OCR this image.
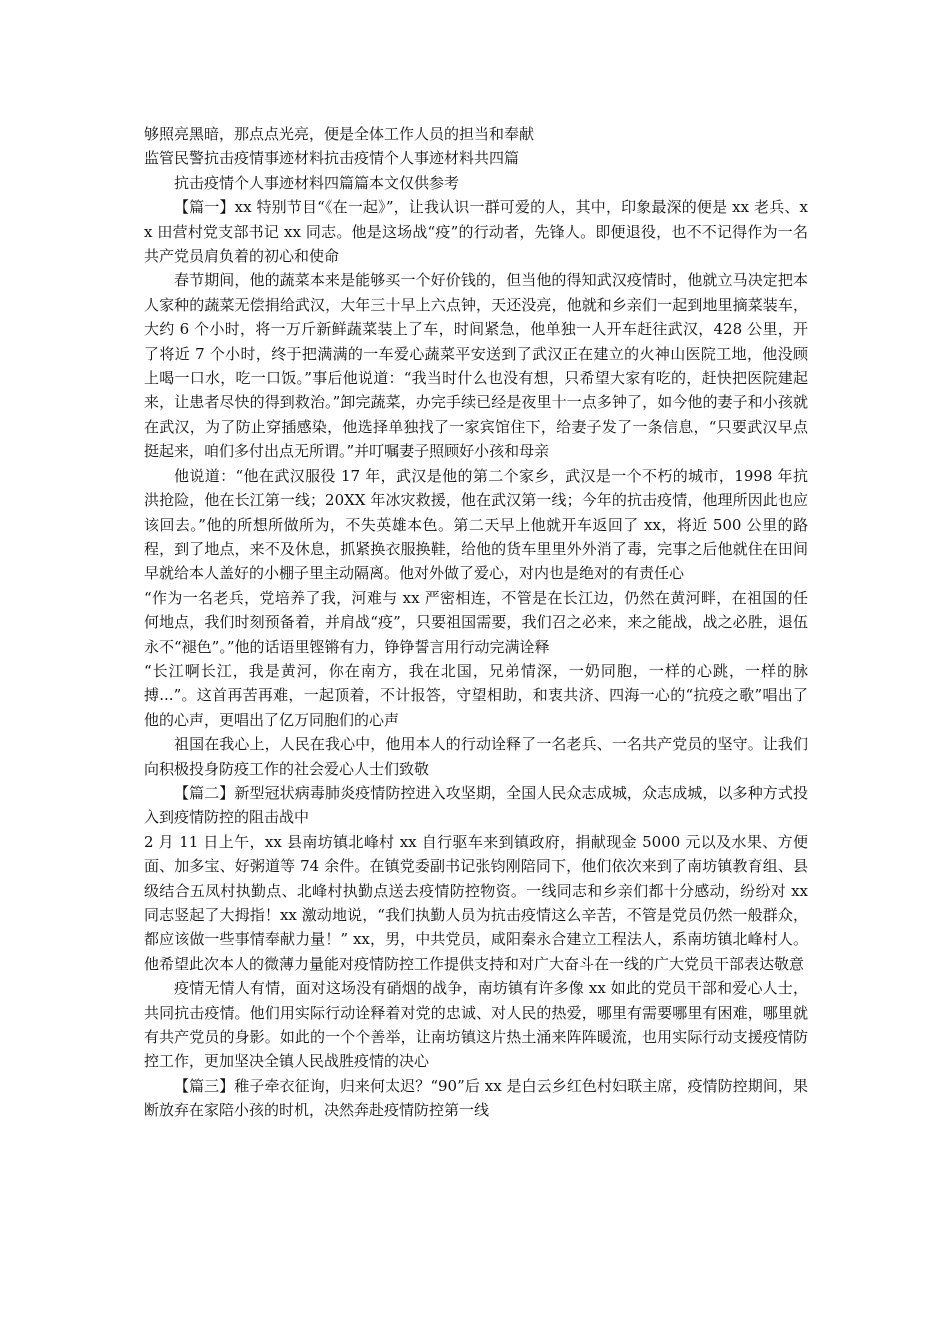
够照亮黑暗，那点点光亮，便是全体工作人员的担当和奉献

监管民警抗击疫情事迹材料抗击疫情个人事迹材料共四篇

抗击疫情个人事迹材料四篇篇本文仅供参考

【篇一】xx 特别节目“《在一起》”，让我认识一群可爱的人，其中，印象最深的便是 xx 老兵、xx 田营村党支部书记 xx 同志。他是这场战“疫”的行动者，先锋人。即便退役，也不不记得作为一名共产党员肩负着的初心和使命

春节期间，他的蔬菜本来是能够买一个好价钱的，但当他的得知武汉疫情时，他就立马决定把本人家种的蔬菜无偿捐给武汉，大年三十早上六点钟，天还没亮，他就和乡亲们一起到地里摘菜装车，大约 6 个小时，将一万斤新鲜蔬菜装上了车，时间紧急，他单独一人开车赶往武汉，428 公里，开了将近 7 个小时，终于把满满的一车爱心蔬菜平安送到了武汉正在建立的火神山医院工地，他没顾上喝一口水，吃一口饭。”事后他说道：“我当时什么也没有想，只希望大家有吃的，赶快把医院建起来，让患者尽快的得到救治。”卸完蔬菜，办完手续已经是夜里十一点多钟了，如今他的妻子和小孩就在武汉，为了防止穿插感染，他选择单独找了一家宾馆住下，给妻子发了一条信息，“只要武汉早点挺起来，咱们多付出点无所谓。”并叮嘱妻子照顾好小孩和母亲

他说道：“他在武汉服役 17 年，武汉是他的第二个家乡，武汉是一个不朽的城市，1998 年抗洪抢险，他在长江第一线；20XX 年冰灾救援，他在武汉第一线；今年的抗击疫情，他理所因此也应该回去。”他的所想所做所为，不失英雄本色。第二天早上他就开车返回了 xx，将近 500 公里的路程，到了地点，来不及休息，抓紧换衣服换鞋，给他的货车里里外外消了毒，完事之后他就住在田间早就给本人盖好的小棚子里主动隔离。他对外做了爱心，对内也是绝对的有责任心

“作为一名老兵，党培养了我，河难与 xx 严密相连，不管是在长江边，仍然在黄河畔，在祖国的任何地点，我们时刻预备着，并肩战“疫”，只要祖国需要，我们召之必来，来之能战，战之必胜，退伍永不“褪色”。”他的话语里铿锵有力，铮铮誓言用行动完满诠释

“长江啊长江，我是黄河，你在南方，我在北国，兄弟情深，一奶同胞，一样的心跳，一样的脉搏...”。这首再苦再难，一起顶着，不计报答，守望相助，和衷共济、四海一心的“抗疫之歌”唱出了他的心声，更唱出了亿万同胞们的心声

祖国在我心上，人民在我心中，他用本人的行动诠释了一名老兵、一名共产党员的坚守。让我们向积极投身防疫工作的社会爱心人士们致敬

【篇二】新型冠状病毒肺炎疫情防控进入攻坚期，全国人民众志成城，众志成城，以多种方式投入到疫情防控的阻击战中

2 月 11 日上午，xx 县南坊镇北峰村 xx 自行驱车来到镇政府，捐献现金 5000 元以及水果、方便面、加多宝、好粥道等 74 余件。在镇党委副书记张钧刚陪同下，他们依次来到了南坊镇教育组、县级结合五凤村执勤点、北峰村执勤点送去疫情防控物资。一线同志和乡亲们都十分感动，纷纷对 xx 同志竖起了大拇指！xx 激动地说，“我们执勤人员为抗击疫情这么辛苦，不管是党员仍然一般群众，都应该做一些事情奉献力量！” xx，男，中共党员，咸阳秦永合建立工程法人，系南坊镇北峰村人。他希望此次本人的微薄力量能对疫情防控工作提供支持和对广大奋斗在一线的广大党员干部表达敬意

疫情无情人有情，面对这场没有硝烟的战争，南坊镇有许多像 xx 如此的党员干部和爱心人士，共同抗击疫情。他们用实际行动诠释着对党的忠诚、对人民的热爱，哪里有需要哪里有困难，哪里就有共产党员的身影。如此的一个个善举，让南坊镇这片热土涌来阵阵暖流，也用实际行动支援疫情防控工作，更加坚决全镇人民战胜疫情的决心

【篇三】稚子牵衣征询，归来何太迟？“90”后 xx 是白云乡红色村妇联主席，疫情防控期间，果断放弃在家陪小孩的时机，决然奔赴疫情防控第一线
